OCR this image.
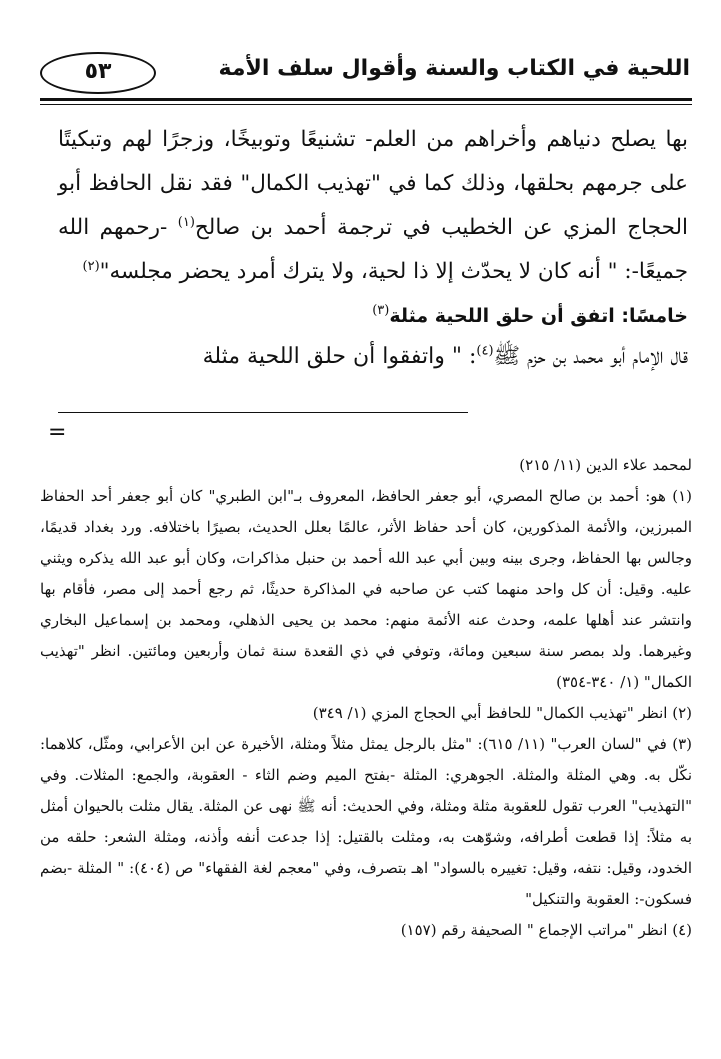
اللحية في الكتاب والسنة وأقوال سلف الأمة
٥٣

بها يصلح دنياهم وأخراهم من العلم- تشنيعًا وتوبيخًا، وزجرًا لهم وتبكيتًا على جرمهم بحلقها، وذلك كما في "تهذيب الكمال" فقد نقل الحافظ أبو الحجاج المزي عن الخطيب في ترجمة أحمد بن صالح$^{(١)}$ -رحمهم الله جميعًا-: " أنه كان لا يحدّث إلا ذا لحية، ولا يترك أمرد يحضر مجلسه"$^{(٢)}$

خامسًا: اتفق أن حلق اللحية مثلة$^{(٣)}$

قال الإمام أبو محمد بن حزم ﷺ$^{(٤)}$: " واتفقوا أن حلق اللحية مثلة
=

لمحمد علاء الدين (١١/ ٢١٥)

(١) هو: أحمد بن صالح المصري، أبو جعفر الحافظ، المعروف بـ"ابن الطبري" كان أبو جعفر أحد الحفاظ المبرزين، والأئمة المذكورين، كان أحد حفاظ الأثر، عالمًا بعلل الحديث، بصيرًا باختلافه. ورد بغداد قديمًا، وجالس بها الحفاظ، وجرى بينه وبين أبي عبد الله أحمد بن حنبل مذاكرات، وكان أبو عبد الله يذكره ويثني عليه. وقيل: أن كل واحد منهما كتب عن صاحبه في المذاكرة حديثًا، ثم رجع أحمد إلى مصر، فأقام بها وانتشر عند أهلها علمه، وحدث عنه الأئمة منهم: محمد بن يحيى الذهلي، ومحمد بن إسماعيل البخاري وغيرهما. ولد بمصر سنة سبعين ومائة، وتوفي في ذي القعدة سنة ثمان وأربعين ومائتين. انظر "تهذيب الكمال" (١/ ٣٤٠-٣٥٤)

(٢) انظر "تهذيب الكمال" للحافظ أبي الحجاج المزي (١/ ٣٤٩)

(٣) في "لسان العرب" (١١/ ٦١٥): "مثل بالرجل يمثل مثلاً ومثلة، الأخيرة عن ابن الأعرابي، ومثّل، كلاهما: نكّل به. وهي المثلة والمثلة. الجوهري: المثلة -بفتح الميم وضم الثاء - العقوبة، والجمع: المثلات. وفي "التهذيب" العرب تقول للعقوبة مثلة ومثلة، وفي الحديث: أنه ﷺ نهى عن المثلة. يقال مثلت بالحيوان أمثل به مثلاً: إذا قطعت أطرافه، وشوّهت به، ومثلت بالقتيل: إذا جدعت أنفه وأذنه، ومثلة الشعر: حلقه من الخدود، وقيل: نتفه، وقيل: تغييره بالسواد" اهـ بتصرف، وفي "معجم لغة الفقهاء" ص (٤٠٤): " المثلة -بضم فسكون-: العقوبة والتنكيل"

(٤) انظر "مراتب الإجماع " الصحيفة رقم (١٥٧)
